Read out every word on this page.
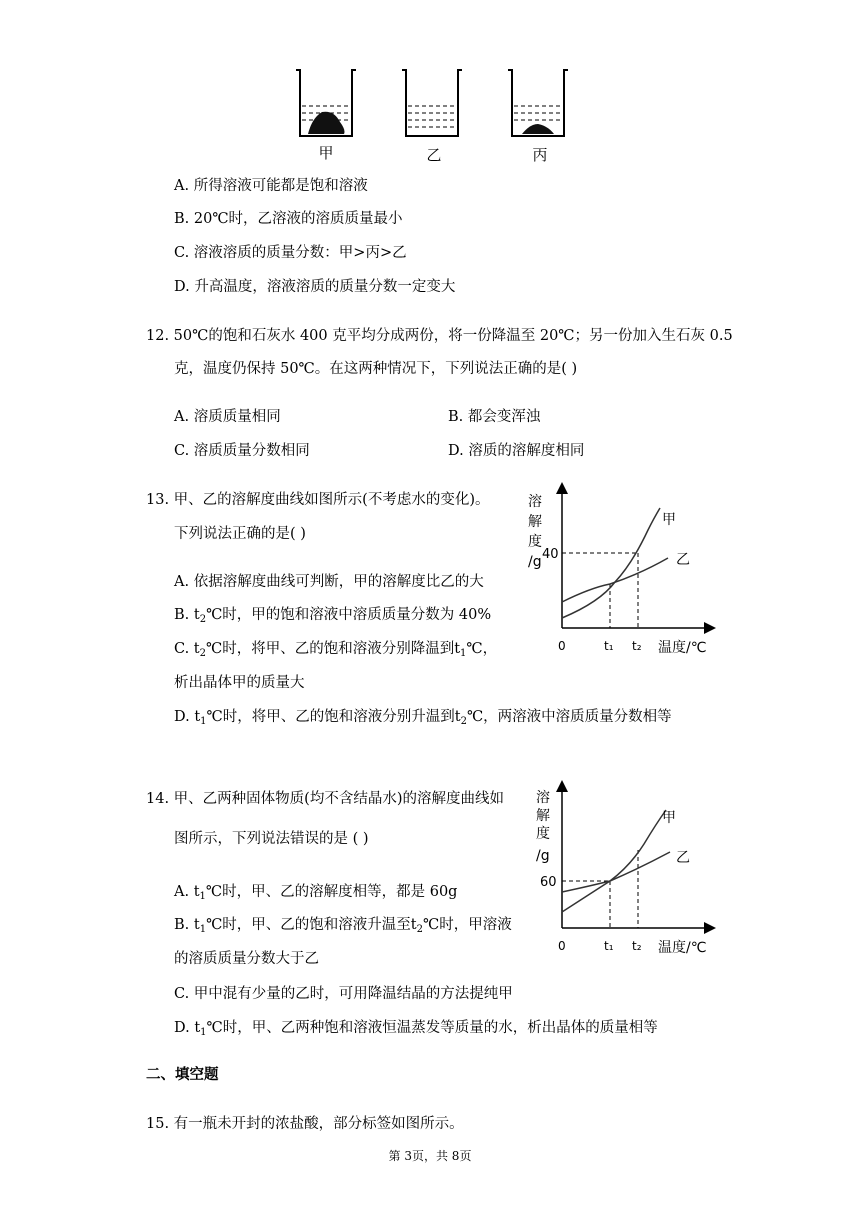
甲	乙	丙
A. 所得溶液可能都是饱和溶液
B. 20℃时，乙溶液的溶质质量最小
C. 溶液溶质的质量分数：甲>丙>乙
D. 升高温度，溶液溶质的质量分数一定变大
12. 50℃的饱和石灰水 400 克平均分成两份，将一份降温至 20℃；另一份加入生石灰 0.5
克，温度仍保持 50℃。在这两种情况下，下列说法正确的是( )
A. 溶质质量相同	B. 都会变浑浊
C. 溶质质量分数相同	D. 溶质的溶解度相同
13. 甲、乙的溶解度曲线如图所示(不考虑水的变化)。
下列说法正确的是( )
A. 依据溶解度曲线可判断，甲的溶解度比乙的大
B. $t_2℃$时，甲的饱和溶液中溶质质量分数为 40%
C. $t_2℃$时，将甲、乙的饱和溶液分别降温到$t_1℃$，
析出晶体甲的质量大
D. $t_1℃$时，将甲、乙的饱和溶液分别升温到$t_2℃$，两溶液中溶质质量分数相等
溶
解
度
/g 40
甲
乙
0	t₁ t₂ 温度/℃
14. 甲、乙两种固体物质(均不含结晶水)的溶解度曲线如
图所示，下列说法错误的是 ( )
A. $t_1℃$时，甲、乙的溶解度相等，都是 60g
B. $t_1℃$时，甲、乙的饱和溶液升温至$t_2℃$时，甲溶液
的溶质质量分数大于乙
C. 甲中混有少量的乙时，可用降温结晶的方法提纯甲
D. $t_1℃$时，甲、乙两种饱和溶液恒温蒸发等质量的水，析出晶体的质量相等
溶
解
度
/g
60
甲
乙
0	t₁ t₂ 温度/℃
二、填空题
15. 有一瓶未开封的浓盐酸，部分标签如图所示。
第 3页，共 8页
